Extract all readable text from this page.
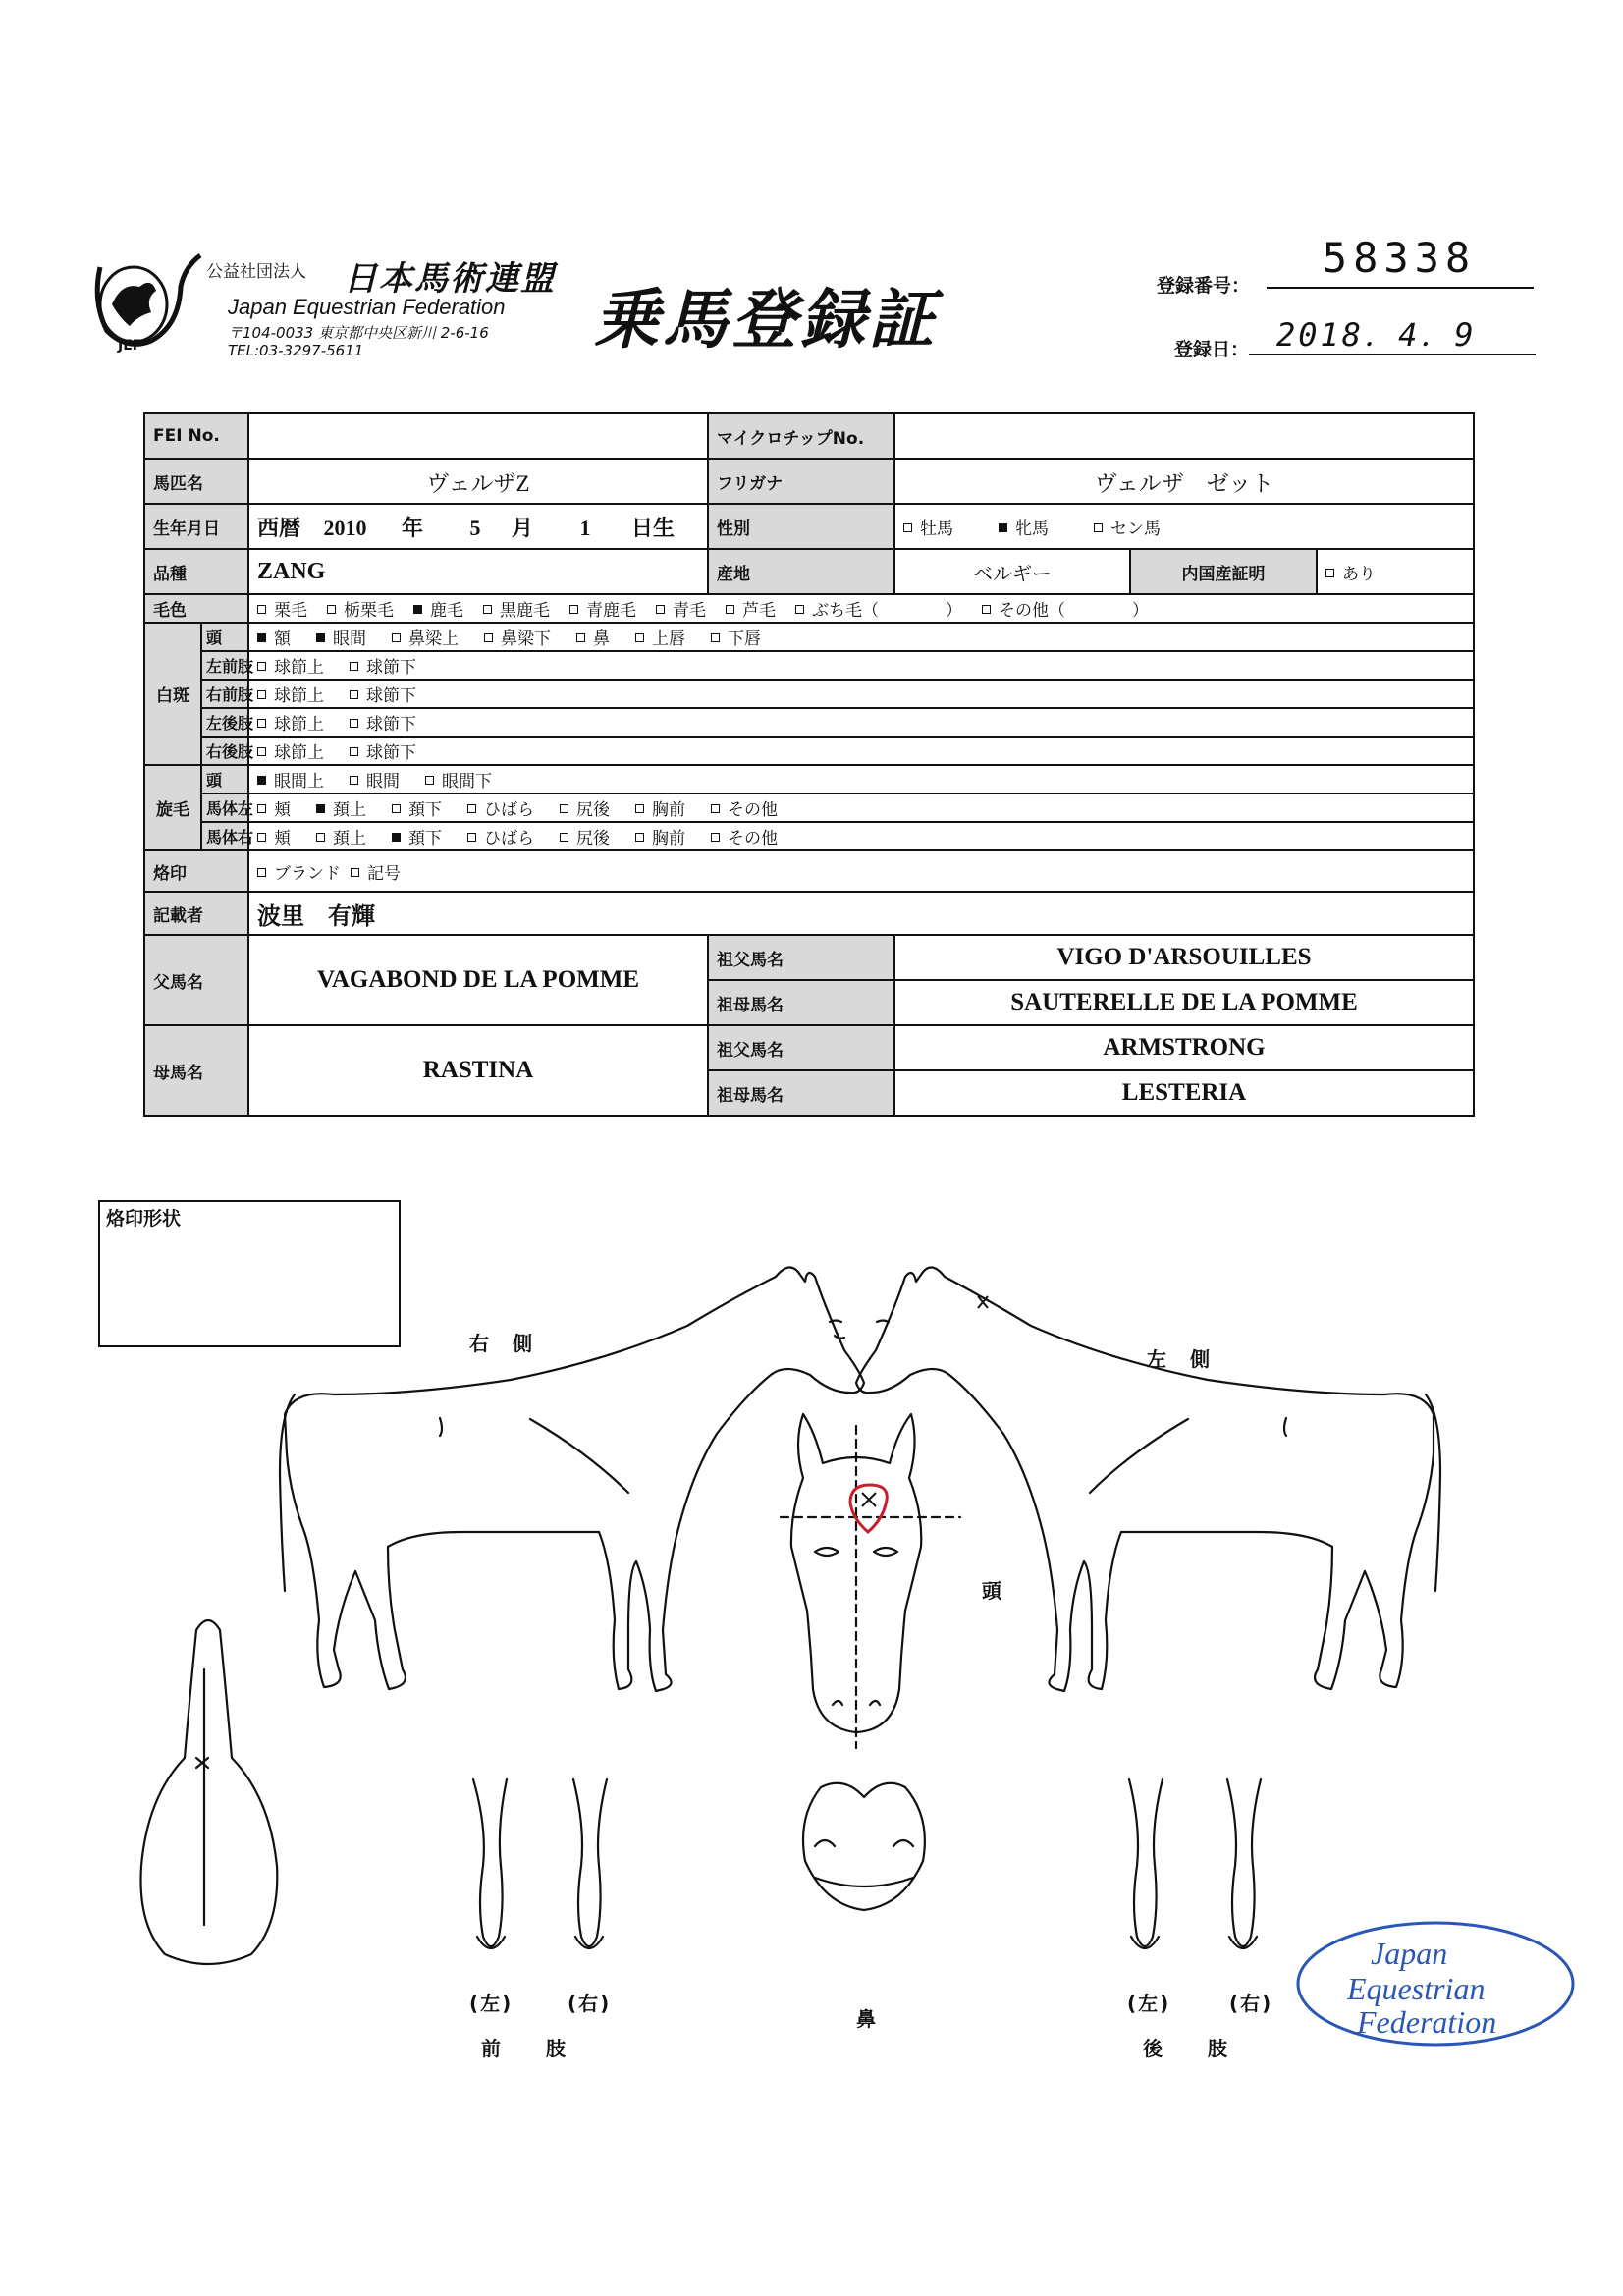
JEF
公益社団法人 日本馬術連盟
Japan Equestrian Federation
〒104-0033 東京都中央区新川 2-6-16
TEL:03-3297-5611	乗馬登録証	登録番号：
58338
登録日： 2018．4．9
FEI No.			マイクロチップNo.			
馬匹名		ヴェルザZ	フリガナ	ヴェルザ　ゼット		
生年月日		西暦 2010 年 5 月 1 日生	性別	牡馬 牝馬 セン馬		
品種		ZANG	産地	ベルギー	内国産証明	あり
毛色		栗毛 栃栗毛 鹿毛 黒鹿毛 青鹿毛 青毛 芦毛 ぶち毛（　　　　） その他（　　　　）				
白斑	頭	額 眼間 鼻梁上 鼻梁下 鼻 上唇 下唇				
	左前肢	球節上 球節下				
	右前肢	球節上 球節下				
	左後肢	球節上 球節下				
	右後肢	球節上 球節下				
旋毛	頭	眼間上 眼間 眼間下				
	馬体左	頬 頚上 頚下 ひばら 尻後 胸前 その他				
	馬体右	頬 頚上 頚下 ひばら 尻後 胸前 その他				
烙印		ブランド 記号				
記載者		波里　有輝				
父馬名		VAGABOND DE LA POMME	祖父馬名	VIGO D'ARSOUILLES		
			祖母馬名	SAUTERELLE DE LA POMME		
母馬名		RASTINA	祖父馬名	ARMSTRONG		
			祖母馬名	LESTERIA		
烙印形状
右　側
左　側
頭
鼻
(左)	(右)
前　　肢
(左)	(右)
後　　肢
Japan
Equestrian
Federation
